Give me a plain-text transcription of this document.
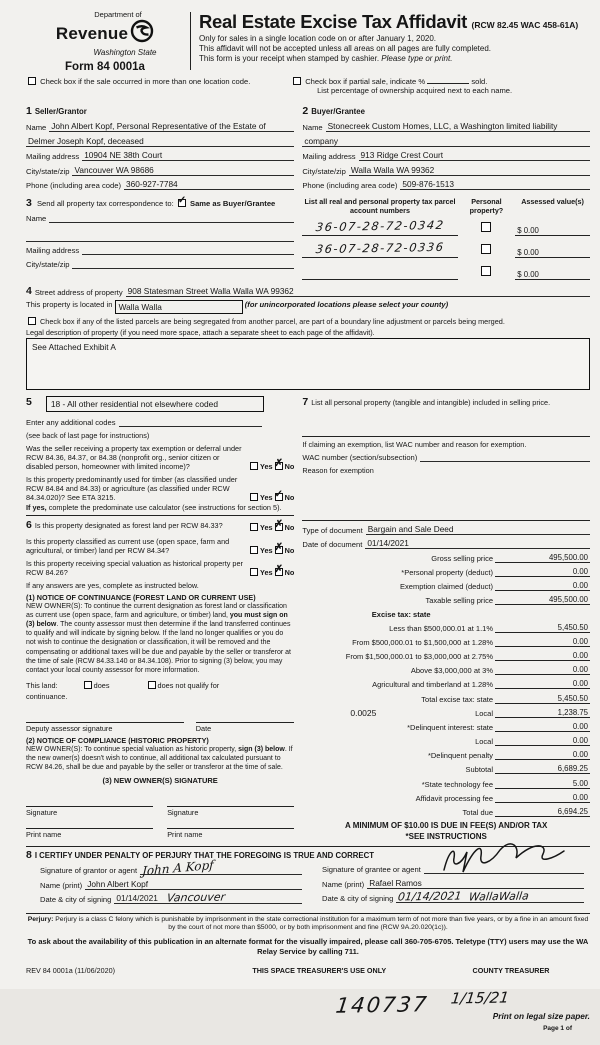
Department of
Revenue
Washington State
Form 84 0001a
Real Estate Excise Tax Affidavit (RCW 82.45 WAC 458-61A)
Only for sales in a single location code on or after January 1, 2020.
This affidavit will not be accepted unless all areas on all pages are fully completed.
This form is your receipt when stamped by cashier. Please type or print.
Check box if the sale occurred in more than one location code.	Check box if partial sale, indicate %	sold.
List percentage of ownership acquired next to each name.
1 Seller/Grantor
Name John Albert Kopf, Personal Representative of the Estate of
Delmer Joseph Kopf, deceased
Mailing address 10904 NE 38th Court
City/state/zip Vancouver WA 98686
Phone (including area code) 360-927-7784
2 Buyer/Grantee
Name Stonecreek Custom Homes, LLC, a Washington limited liability
company
Mailing address 913 Ridge Crest Court
City/state/zip Walla Walla WA 99362
Phone (including area code) 509-876-1513
3 Send all property tax correspondence to: ✓ Same as Buyer/Grantee
Name
Mailing address
City/state/zip
List all real and personal property tax parcel account numbers
Personal property?
Assessed value(s)
36-07-28-72-0342	$ 0.00
36-07-28-72-0336	$ 0.00
$ 0.00
4 Street address of property 908 Statesman Street Walla Walla WA 99362
This property is located in Walla Walla	(for unincorporated locations please select your county)
Check box if any of the listed parcels are being segregated from another parcel, are part of a boundary line adjustment or parcels being merged.
Legal description of property (if you need more space, attach a separate sheet to each page of the affidavit).
See Attached Exhibit A
5	18 - All other residential not elsewhere coded
Enter any additional codes
(see back of last page for instructions)
Was the seller receiving a property tax exemption or deferral under RCW 84.36, 84.37, or 84.38 (nonprofit org., senior citizen or disabled person, homeowner with limited income)?	Yes ✗ No
Is this property predominantly used for timber (as classified under RCW 84.84 and 84.33) or agriculture (as classified under RCW 84.34.020)? See ETA 3215.	Yes ✓ No
If yes, complete the predominate use calculator (see instructions for section 5).
6 Is this property designated as forest land per RCW 84.33?	Yes ✗ No
Is this property classified as current use (open space, farm and agricultural, or timber) land per RCW 84.34?	Yes ✗ No
Is this property receiving special valuation as historical property per RCW 84.26?	Yes ✗ No
If any answers are yes, complete as instructed below.
(1) NOTICE OF CONTINUANCE (FOREST LAND OR CURRENT USE)
NEW OWNER(S): To continue the current designation as forest land or classification as current use (open space, farm and agriculture, or timber) land, you must sign on (3) below. The county assessor must then determine if the land transferred continues to qualify and will indicate by signing below. If the land no longer qualifies or you do not wish to continue the designation or classification, it will be removed and the compensating or additional taxes will be due and payable by the seller or transferor at the time of sale (RCW 84.33.140 or 84.34.108). Prior to signing (3) below, you may contact your local county assessor for more information.
This land:	does	does not qualify for
continuance.
Deputy assessor signature	Date
(2) NOTICE OF COMPLIANCE (HISTORIC PROPERTY)
NEW OWNER(S): To continue special valuation as historic property, sign (3) below. If the new owner(s) doesn't wish to continue, all additional tax calculated pursuant to RCW 84.26, shall be due and payable by the seller or transferor at the time of sale.
(3) NEW OWNER(S) SIGNATURE
Signature	Signature
Print name	Print name
7 List all personal property (tangible and intangible) included in selling price.
If claiming an exemption, list WAC number and reason for exemption.
WAC number (section/subsection)
Reason for exemption
Type of document Bargain and Sale Deed
Date of document 01/14/2021
Gross selling price	495,500.00
*Personal property (deduct)	0.00
Exemption claimed (deduct)	0.00
Taxable selling price	495,500.00
Excise tax: state
Less than $500,000.01 at 1.1%	5,450.50
From $500,000.01 to $1,500,000 at 1.28%	0.00
From $1,500,000.01 to $3,000,000 at 2.75%	0.00
Above $3,000,000 at 3%	0.00
Agricultural and timberland at 1.28%	0.00
Total excise tax: state	5,450.50
0.0025	Local	1,238.75
*Delinquent interest: state	0.00
Local	0.00
*Delinquent penalty	0.00
Subtotal	6,689.25
*State technology fee	5.00
Affidavit processing fee	0.00
Total due	6,694.25
A MINIMUM OF $10.00 IS DUE IN FEE(S) AND/OR TAX
*SEE INSTRUCTIONS
8 I CERTIFY UNDER PENALTY OF PERJURY THAT THE FOREGOING IS TRUE AND CORRECT
Signature of grantor or agent John A Kopf
Name (print) John Albert Kopf
Date & city of signing 01/14/2021 Vancouver
Signature of grantee or agent
Name (print) Rafael Ramos
Date & city of signing 01/14/2021 WallaWalla
Perjury: Perjury is a class C felony which is punishable by imprisonment in the state correctional institution for a maximum term of not more than five years, or by a fine in an amount fixed by the court of not more than $5000, or by both imprisonment and fine (RCW 9A.20.020(1c)).
To ask about the availability of this publication in an alternate format for the visually impaired, please call 360-705-6705. Teletype (TTY) users may use the WA Relay Service by calling 711.
REV 84 0001a (11/06/2020)	THIS SPACE TREASURER'S USE ONLY	COUNTY TREASURER
140737 1/15/21
Print on legal size paper.
Page 1 of
